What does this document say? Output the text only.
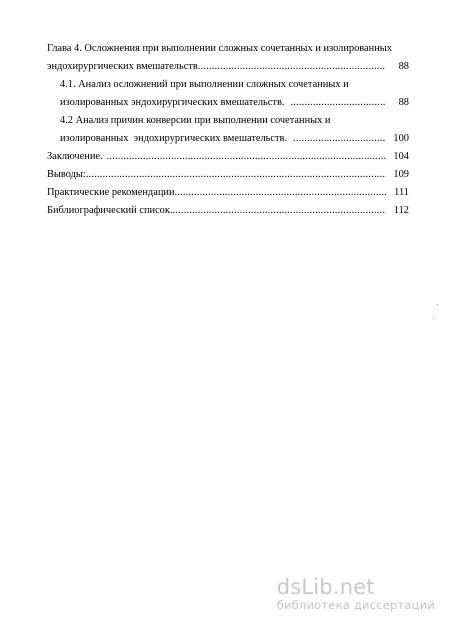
Глава 4. Осложнения при выполнении сложных сочетанных и изолированных
эндохирургических вмешательств .....	88
4.1. Анализ осложнений при выполнении сложных сочетанных и
изолированных эндохирургических вмешательств. .....	88
4.2 Анализ причин конверсии при выполнении сочетанных и
изолированных  эндохирургических вмешательств. .....	100
Заключение. .....	104
Выводы: .....	109
Практические рекомендации .....	111
Библиографический список. .....	112
dsLib.net
библиотека диссертаций
